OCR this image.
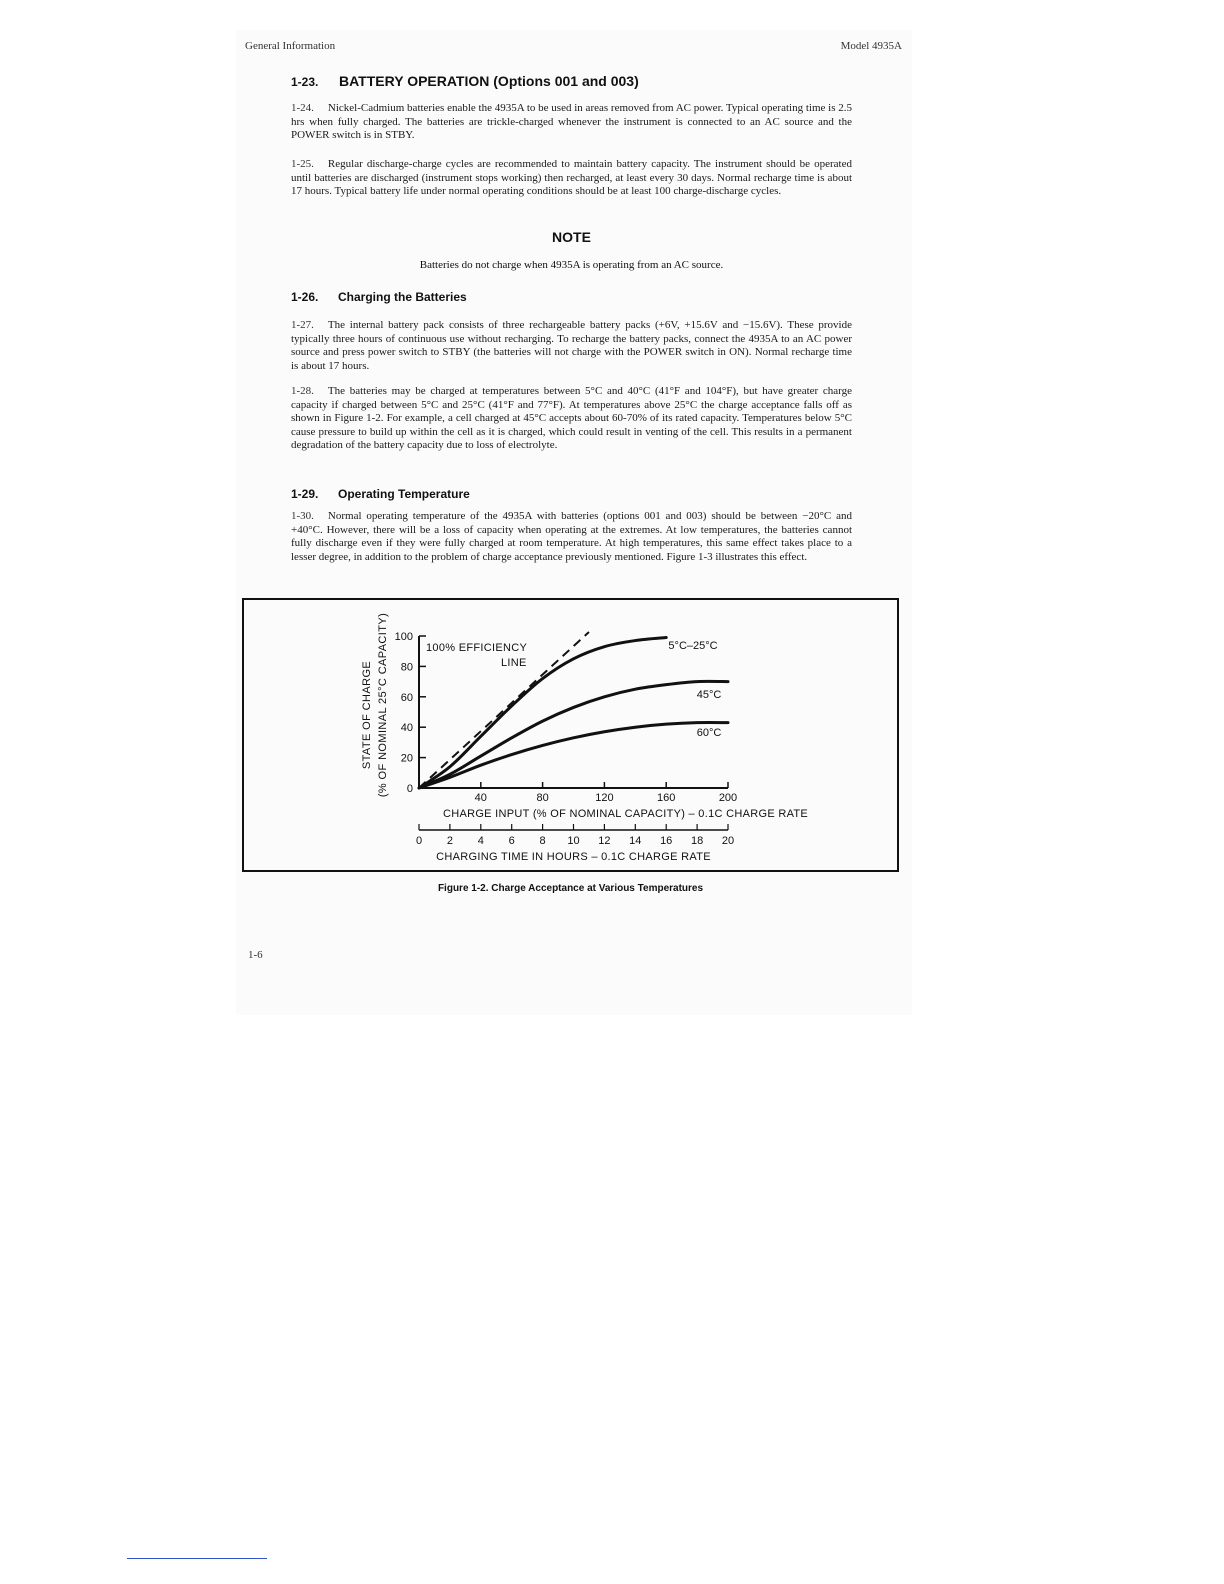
General Information	Model 4935A
1-23. BATTERY OPERATION (Options 001 and 003)
1-24. Nickel-Cadmium batteries enable the 4935A to be used in areas removed from AC power. Typical operating time is 2.5 hrs when fully charged. The batteries are trickle-charged whenever the instrument is connected to an AC source and the POWER switch is in STBY.
1-25. Regular discharge-charge cycles are recommended to maintain battery capacity. The instrument should be operated until batteries are discharged (instrument stops working) then recharged, at least every 30 days. Normal recharge time is about 17 hours. Typical battery life under normal operating conditions should be at least 100 charge-discharge cycles.
NOTE
Batteries do not charge when 4935A is operating from an AC source.
1-26. Charging the Batteries
1-27. The internal battery pack consists of three rechargeable battery packs (+6V, +15.6V and −15.6V). These provide typically three hours of continuous use without recharging. To recharge the battery packs, connect the 4935A to an AC power source and press power switch to STBY (the batteries will not charge with the POWER switch in ON). Normal recharge time is about 17 hours.
1-28. The batteries may be charged at temperatures between 5°C and 40°C (41°F and 104°F), but have greater charge capacity if charged between 5°C and 25°C (41°F and 77°F). At temperatures above 25°C the charge acceptance falls off as shown in Figure 1-2. For example, a cell charged at 45°C accepts about 60-70% of its rated capacity. Temperatures below 5°C cause pressure to build up within the cell as it is charged, which could result in venting of the cell. This results in a permanent degradation of the battery capacity due to loss of electrolyte.
1-29. Operating Temperature
1-30. Normal operating temperature of the 4935A with batteries (options 001 and 003) should be between −20°C and +40°C. However, there will be a loss of capacity when operating at the extremes. At low temperatures, the batteries cannot fully discharge even if they were fully charged at room temperature. At high temperatures, this same effect takes place to a lesser degree, in addition to the problem of charge acceptance previously mentioned. Figure 1-3 illustrates this effect.
0
20
40
60
80
100
40	80	120	160	200
CHARGE INPUT (% OF NOMINAL CAPACITY) – 0.1C CHARGE RATE
0 2 4 6 8 10 12 14 16 18 20
CHARGING TIME IN HOURS – 0.1C CHARGE RATE
STATE OF CHARGE (% OF NOMINAL 25°C CAPACITY)	100% EFFICIENCY
LINE
5°C–25°C
45°C
60°C
Figure 1-2. Charge Acceptance at Various Temperatures
1-6
